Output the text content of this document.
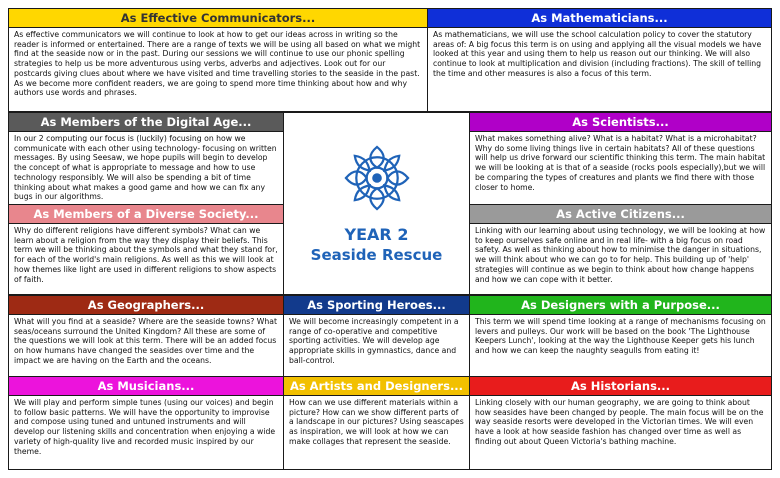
As Effective Communicators...
As effective communicators we will continue to look at how to get our ideas across in writing so the reader is informed or entertained. There are a range of texts we will be using all based on what we might find at the seaside now or in the past. During our sessions we will continue to use our phonic spelling strategies to help us be more adventurous using verbs, adverbs and adjectives. Look out for our postcards giving clues about where we have visited and time travelling stories to the seaside in the past. As we become more confident readers, we are going to spend more time thinking about how and why authors use words and phrases.
As Mathematicians...
As mathematicians, we will use the school calculation policy to cover the statutory areas of: A big focus this term is on using and applying all the visual models we have looked at this year and using them to help us reason out our thinking. We will also continue to look at multiplication and division (including fractions). The skill of telling the time and other measures is also a focus of this term.
As Members of the Digital Age...
In our 2 computing our focus is (luckily) focusing on how we communicate with each other using technology- focusing on written messages. By using Seesaw, we hope pupils will begin to develop the concept of what is appropriate to message and how to use technology responsibly. We will also be spending a bit of time thinking about what makes a good game and how we can fix any bugs in our algorithms.
As Scientists...
What makes something alive? What is a habitat? What is a microhabitat? Why do some living things live in certain habitats? All of these questions will help us drive forward our scientific thinking this term. The main habitat we will be looking at is that of a seaside (rocks pools especially),but we will be comparing the types of creatures and plants we find there with those closer to home.
As Members of a Diverse Society...
Why do different religions have different symbols? What can we learn about a religion from the way they display their beliefs. This term we will be thinking about the symbols and what they stand for, for each of the world's main religions. As well as this we will look at how themes like light are used in different religions to show aspects of faith.
As Active Citizens...
Linking with our learning about using technology, we will be looking at how to keep ourselves safe online and in real life- with a big focus on road safety. As well as thinking about how to minimise the danger in situations, we will think about who we can go to for help. This building up of 'help' strategies will continue as we begin to think about how change happens and how we can cope with it better.
YEAR 2
Seaside Rescue
As Geographers...
What will you find at a seaside? Where are the seaside towns? What seas/oceans surround the United Kingdom? All these are some of the questions we will look at this term. There will be an added focus on how humans have changed the seasides over time and the impact we are having on the Earth and the oceans.
As Sporting Heroes...
We will become increasingly competent in a range of co-operative and competitive sporting activities. We will develop age appropriate skills in gymnastics, dance and ball-control.
As Designers with a Purpose...
This term we will spend time looking at a range of mechanisms focusing on levers and pulleys. Our work will be based on the book 'The Lighthouse Keepers Lunch', looking at the way the Lighthouse Keeper gets his lunch and how we can keep the naughty seagulls from eating it!
As Musicians...
We will play and perform simple tunes (using our voices) and begin to follow basic patterns. We will have the opportunity to improvise and compose using tuned and untuned instruments and will develop our listening skills and concentration when enjoying a wide variety of high-quality live and recorded music inspired by our theme.
As Artists and Designers...
How can we use different materials within a picture? How can we show different parts of a landscape in our pictures? Using seascapes as inspiration, we will look at how we can make collages that represent the seaside.
As Historians...
Linking closely with our human geography, we are going to think about how seasides have been changed by people. The main focus will be on the way seaside resorts were developed in the Victorian times. We will even have a look at how seaside fashion has changed over time as well as finding out about Queen Victoria's bathing machine.
